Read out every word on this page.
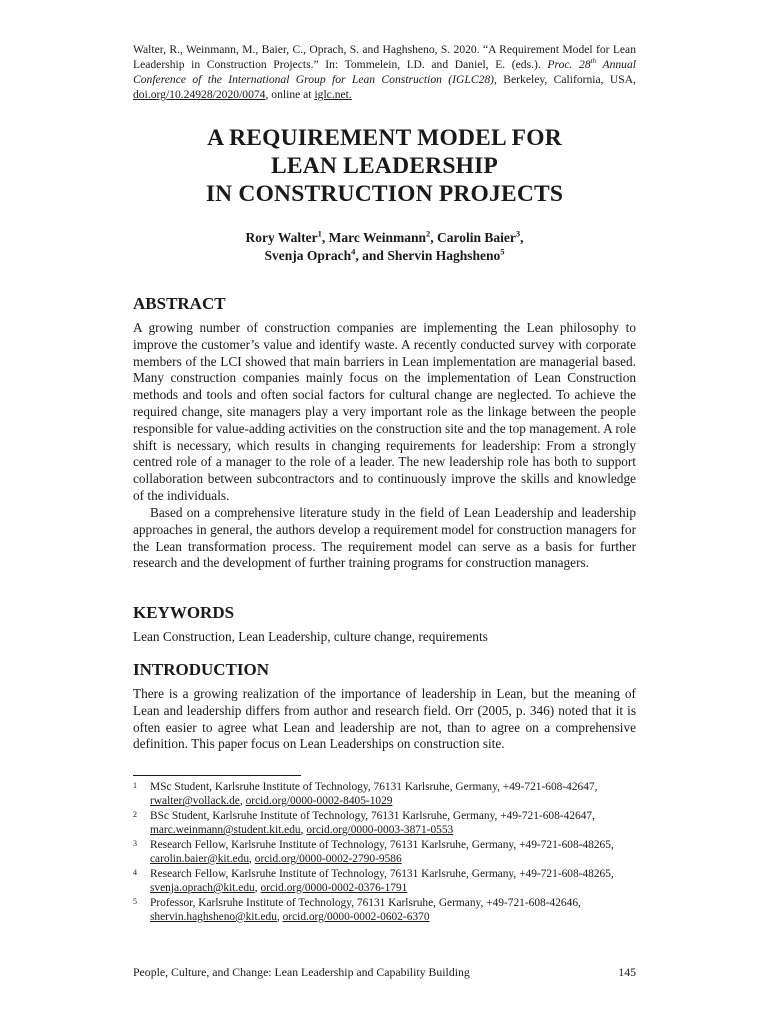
Walter, R., Weinmann, M., Baier, C., Oprach, S. and Haghsheno, S. 2020. “A Requirement Model for Lean Leadership in Construction Projects.” In: Tommelein, I.D. and Daniel, E. (eds.). Proc. 28th Annual Conference of the International Group for Lean Construction (IGLC28), Berkeley, California, USA, doi.org/10.24928/2020/0074, online at iglc.net.
A REQUIREMENT MODEL FOR
LEAN LEADERSHIP
IN CONSTRUCTION PROJECTS
Rory Walter$^1$, Marc Weinmann$^2$, Carolin Baier$^3$,
Svenja Oprach$^4$, and Shervin Haghsheno$^5$
ABSTRACT
A growing number of construction companies are implementing the Lean philosophy to improve the customer’s value and identify waste. A recently conducted survey with corporate members of the LCI showed that main barriers in Lean implementation are managerial based. Many construction companies mainly focus on the implementation of Lean Construction methods and tools and often social factors for cultural change are neglected. To achieve the required change, site managers play a very important role as the linkage between the people responsible for value-adding activities on the construction site and the top management. A role shift is necessary, which results in changing requirements for leadership: From a strongly centred role of a manager to the role of a leader. The new leadership role has both to support collaboration between subcontractors and to continuously improve the skills and knowledge of the individuals.
Based on a comprehensive literature study in the field of Lean Leadership and leadership approaches in general, the authors develop a requirement model for construction managers for the Lean transformation process. The requirement model can serve as a basis for further research and the development of further training programs for construction managers.
KEYWORDS
Lean Construction, Lean Leadership, culture change, requirements
INTRODUCTION
There is a growing realization of the importance of leadership in Lean, but the meaning of Lean and leadership differs from author and research field. Orr (2005, p. 346) noted that it is often easier to agree what Lean and leadership are not, than to agree on a comprehensive definition. This paper focus on Lean Leaderships on construction site.
1	MSc Student, Karlsruhe Institute of Technology, 76131 Karlsruhe, Germany, +49-721-608-42647,
rwalter@vollack.de, orcid.org/0000-0002-8405-1029
2	BSc Student, Karlsruhe Institute of Technology, 76131 Karlsruhe, Germany, +49-721-608-42647,
marc.weinmann@student.kit.edu, orcid.org/0000-0003-3871-0553
3	Research Fellow, Karlsruhe Institute of Technology, 76131 Karlsruhe, Germany, +49-721-608-48265,
carolin.baier@kit.edu, orcid.org/0000-0002-2790-9586
4	Research Fellow, Karlsruhe Institute of Technology, 76131 Karlsruhe, Germany, +49-721-608-48265,
svenja.oprach@kit.edu, orcid.org/0000-0002-0376-1791
5	Professor, Karlsruhe Institute of Technology, 76131 Karlsruhe, Germany, +49-721-608-42646,
shervin.haghsheno@kit.edu, orcid.org/0000-0002-0602-6370
People, Culture, and Change: Lean Leadership and Capability Building	145
